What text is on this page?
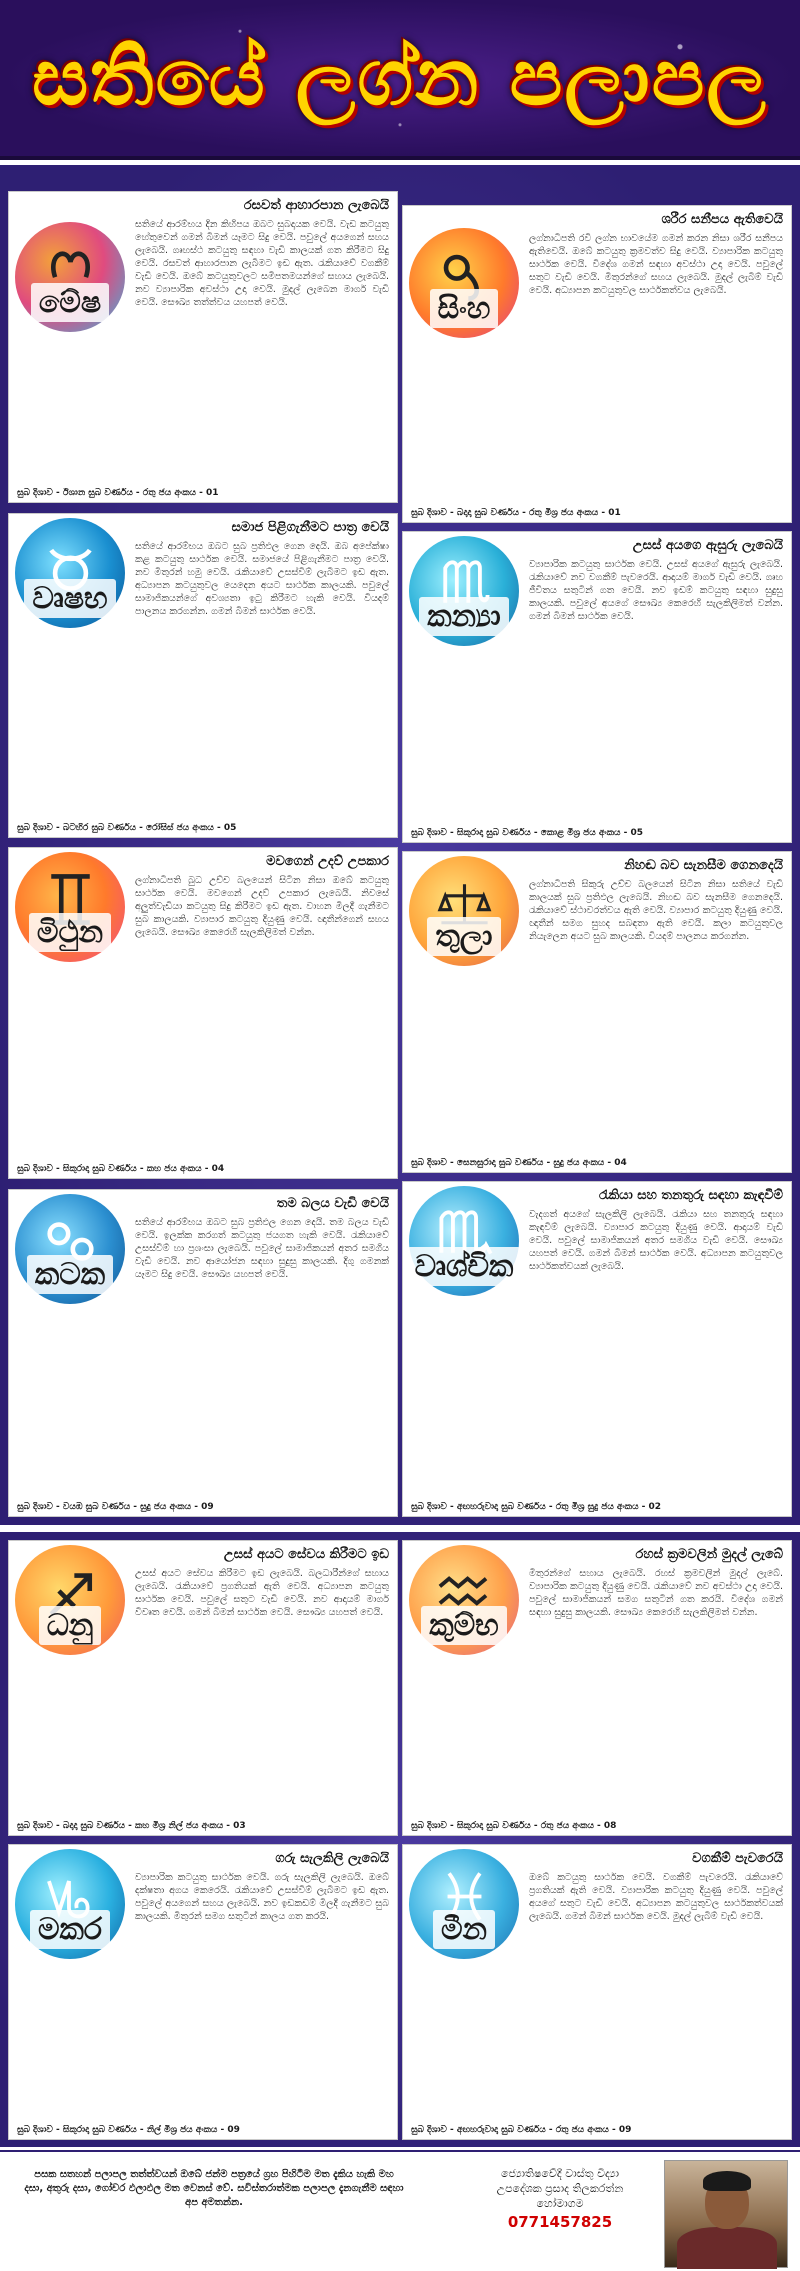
සතියේ ලග්න පලාපල
රසවත් ආහාරපාන ලැබෙයි
සතියේ ආරම්භය දින කිහිපය ඔබට සුබදායක වෙයි. වැඩ කටයුතු හේතුවෙන් ගමන් බිමන් යෑමට සිදු වෙයි. පවුලේ අයගෙන් සහය ලැබෙයි. ගෘහස්ථ කටයුතු සඳහා වැඩි කාලයක් ගත කිරීමට සිදු වෙයි. රසවත් ආහාරපාන ලැබීමට ඉඩ ඇත. රැකියාවේ වගකීම් වැඩි වෙයි. ඔබේ කටයුතුවලට සමීපතමයන්ගේ සහාය ලැබෙයි. නව ව්‍යාපාරික අවස්ථා උදා වෙයි. මුදල් ලැබෙන මාර්ග වැඩි වෙයි. සෞඛ්‍ය තත්ත්වය යහපත් වෙයි.
මේෂ
සුබ දිශාව - ඊශාන සුබ වර්ණය - රතු ජය අංකය - 01
සමාජ පිළිගැනීමට පාත්‍ර වෙයි
සතියේ ආරම්භය ඔබට සුබ ප්‍රතිඵල ගෙන දෙයි. ඔබ අපේක්ෂා කළ කටයුතු සාර්ථක වෙයි. සමාජයේ පිළිගැනීමට පාත්‍ර වෙයි. නව මිතුරන් හමු වෙයි. රැකියාවේ උසස්වීම් ලැබීමට ඉඩ ඇත. අධ්‍යාපන කටයුතුවල යෙදෙන අයට සාර්ථක කාලයකි. පවුලේ සාමාජිකයන්ගේ අවශ්‍යතා ඉටු කිරීමට හැකි වෙයි. වියදම් පාලනය කරගන්න. ගමන් බිමන් සාර්ථක වෙයි.
වෘෂභ
සුබ දිශාව - බටහිර සුබ වර්ණය - රෝසිස් ජය අංකය - 05
මවගෙන් උදව් උපකාර
ලග්නාධිපති බුධ උච්ච බලයෙන් සිටින නිසා ඔබේ කටයුතු සාර්ථක වෙයි. මවගෙන් උදව් උපකාර ලැබෙයි. නිවසේ අලුත්වැඩියා කටයුතු සිදු කිරීමට ඉඩ ඇත. වාහන මිලදී ගැනීමට සුබ කාලයකි. ව්‍යාපාර කටයුතු දියුණු වෙයි. ඥාතීන්ගෙන් සහය ලැබෙයි. සෞඛ්‍ය කෙරෙහි සැලකිලිමත් වන්න.
මිථුන
සුබ දිශාව - සිකුරාදා සුබ වර්ණය - කහ ජය අංකය - 04
තම බලය වැඩි වෙයි
සතියේ ආරම්භය ඔබට සුබ ප්‍රතිඵල ගෙන දෙයි. තම බලය වැඩි වෙයි. ඉලක්ක කරගත් කටයුතු ජයගත හැකි වෙයි. රැකියාවේ උසස්වීම් හා ප්‍රශංසා ලැබෙයි. පවුලේ සාමාජිකයන් අතර සමගිය වැඩි වෙයි. නව ආයෝජන සඳහා සුදුසු කාලයකි. දිගු ගමනක් යෑමට සිදු වෙයි. සෞඛ්‍ය යහපත් වෙයි.
කටක
සුබ දිශාව - වයඹ සුබ වර්ණය - සුදු ජය අංකය - 09
ශරීර සනීපය ඇතිවෙයි
ලග්නාධිපති රවි ලග්න භාවයේම ගමන් කරන නිසා ශරීර සනීපය ඇතිවෙයි. ඔබේ කටයුතු ක්‍රමවත්ව සිදු වෙයි. ව්‍යාපාරික කටයුතු සාර්ථක වෙයි. විදේශ ගමන් සඳහා අවස්ථා උදා වෙයි. පවුලේ සතුට වැඩි වෙයි. මිතුරන්ගේ සහය ලැබෙයි. මුදල් ලැබීම් වැඩි වෙයි. අධ්‍යාපන කටයුතුවල සාර්ථකත්වය ලැබෙයි.
සිංහ
සුබ දිශාව - බදාදා සුබ වර්ණය - රතු මිශ්‍ර ජය අංකය - 01
උසස් අයගෙ ඇසුරු ලැබෙයි
ව්‍යාපාරික කටයුතු සාර්ථක වෙයි. උසස් අයගේ ඇසුරු ලැබෙයි. රැකියාවේ නව වගකීම් පැවරෙයි. ආදායම් මාර්ග වැඩි වෙයි. ගෘහ ජීවිතය සතුටින් ගත වෙයි. නව ඉඩම් කටයුතු සඳහා සුදුසු කාලයකි. පවුලේ අයගේ සෞඛ්‍ය කෙරෙහි සැලකිලිමත් වන්න. ගමන් බිමන් සාර්ථක වෙයි.
කන්‍යා
සුබ දිශාව - සිකුරාදා සුබ වර්ණය - කොළ මිශ්‍ර ජය අංකය - 05
නිහඬ බව සැනසීම ගෙනදෙයි
ලග්නාධිපති සිකුරු උච්ච බලයෙන් සිටින නිසා සතියේ වැඩි කාලයක් සුබ ප්‍රතිඵල ලැබෙයි. නිහඬ බව සැනසීම ගෙනදෙයි. රැකියාවේ ස්ථාවරත්වය ඇති වෙයි. ව්‍යාපාර කටයුතු දියුණු වෙයි. ඥාතීන් සමග සුහද සබඳතා ඇති වෙයි. කලා කටයුතුවල නියැලෙන අයට සුබ කාලයකි. වියදම් පාලනය කරගන්න.
තුලා
සුබ දිශාව - සෙනසුරාදා සුබ වර්ණය - සුදු ජය අංකය - 04
රැකියා සහ තනතුරු සඳහා කැඳවීම්
වැදගත් අයගේ සැලකිලි ලැබෙයි. රැකියා සහ තනතුරු සඳහා කැඳවීම් ලැබෙයි. ව්‍යාපාර කටයුතු දියුණු වෙයි. ආදායම් වැඩි වෙයි. පවුලේ සාමාජිකයන් අතර සමගිය වැඩි වෙයි. සෞඛ්‍ය යහපත් වෙයි. ගමන් බිමන් සාර්ථක වෙයි. අධ්‍යාපන කටයුතුවල සාර්ථකත්වයක් ලැබෙයි.
වෘශ්චික
සුබ දිශාව - අඟහරුවාදා සුබ වර්ණය - රතු මිශ්‍ර සුදු ජය අංකය - 02
උසස් අයට සේවය කිරීමට ඉඩ
උසස් අයට සේවය කිරීමට ඉඩ ලැබෙයි. බලධාරීන්ගේ සහාය ලැබෙයි. රැකියාවේ ප්‍රගතියක් ඇති වෙයි. අධ්‍යාපන කටයුතු සාර්ථක වෙයි. පවුලේ සතුට වැඩි වෙයි. නව ආදායම් මාර්ග විවෘත වෙයි. ගමන් බිමන් සාර්ථක වෙයි. සෞඛ්‍ය යහපත් වෙයි.
ධනු
සුබ දිශාව - බදාදා සුබ වර්ණය - කහ මිශ්‍ර නිල් ජය අංකය - 03
ගරු සැලකිලි ලැබෙයි
ව්‍යාපාරික කටයුතු සාර්ථක වෙයි. ගරු සැලකිලි ලැබෙයි. ඔබේ දක්ෂතා අගය කෙරෙයි. රැකියාවේ උසස්වීම් ලැබීමට ඉඩ ඇත. පවුලේ අයගෙන් සහය ලැබෙයි. නව ඉඩකඩම් මිලදී ගැනීමට සුබ කාලයකි. මිතුරන් සමග සතුටින් කාලය ගත කරයි.
මකර
සුබ දිශාව - සිකුරාදා සුබ වර්ණය - නිල් මිශ්‍ර ජය අංකය - 09
රහස් ක්‍රමවලින් මුදල් ලැබේ
මිතුරන්ගේ සහාය ලැබෙයි. රහස් ක්‍රමවලින් මුදල් ලැබේ. ව්‍යාපාරික කටයුතු දියුණු වෙයි. රැකියාවේ නව අවස්ථා උදා වෙයි. පවුලේ සාමාජිකයන් සමග සතුටින් ගත කරයි. විදේශ ගමන් සඳහා සුදුසු කාලයකි. සෞඛ්‍ය කෙරෙහි සැලකිලිමත් වන්න.
කුම්භ
සුබ දිශාව - සිකුරාදා සුබ වර්ණය - රතු ජය අංකය - 08
වගකීම් පැවරෙයි
ඔබේ කටයුතු සාර්ථක වෙයි. වගකීම් පැවරෙයි. රැකියාවේ ප්‍රගතියක් ඇති වෙයි. ව්‍යාපාරික කටයුතු දියුණු වෙයි. පවුලේ අයගේ සතුට වැඩි වෙයි. අධ්‍යාපන කටයුතුවල සාර්ථකත්වයක් ලැබෙයි. ගමන් බිමන් සාර්ථක වෙයි. මුදල් ලැබීම් වැඩි වෙයි.
මීන
සුබ දිශාව - අඟහරුවාදා සුබ වර්ණය - රතු ජය අංකය - 09
පසක සතහන් පලාපල තත්ත්වයන් ඔබේ ජන්ම පත්‍රයේ ග්‍රහ පිහිටීම මත දැකිය හැකි මහ දසා, අතුරු දසා, ගෝචර ඵලාඵල මත වෙනස් වේ. සවිස්තරාත්මක පලාපල දැනගැනීම සඳහා අප අමතන්න.
ජ්‍යොතිෂවේදී වාස්තු විද්‍යා
උපදේශක ප්‍රසාද තිලකරත්න
හෝමාගම
0771457825
